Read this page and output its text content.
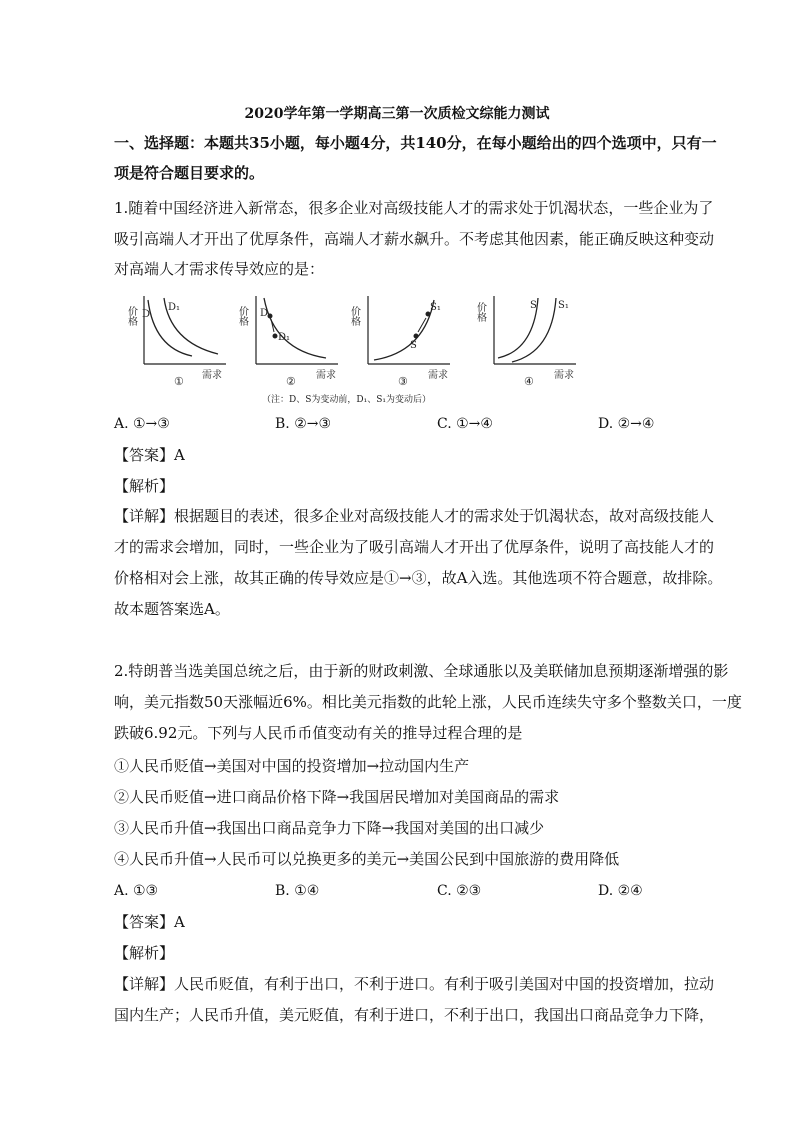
2020学年第一学期高三第一次质检文综能力测试
一、选择题：本题共35小题，每小题4分，共140分，在每小题给出的四个选项中，只有一
项是符合题目要求的。
1.随着中国经济进入新常态，很多企业对高级技能人才的需求处于饥渴状态，一些企业为了
吸引高端人才开出了优厚条件，高端人才薪水飙升。不考虑其他因素，能正确反映这种变动
对高端人才需求传导效应的是：
价格 D
D₁
需求
①
价格 D
D₁
需求
②
价格
S
S₁
需求
③
价格	S S₁
需求
④
（注：D、S为变动前，D₁、S₁为变动后）
A. ①→③	B. ②→③	C. ①→④	D. ②→④
【答案】A
【解析】
【详解】根据题目的表述，很多企业对高级技能人才的需求处于饥渴状态，故对高级技能人
才的需求会增加，同时，一些企业为了吸引高端人才开出了优厚条件，说明了高技能人才的
价格相对会上涨，故其正确的传导效应是①→③，故A入选。其他选项不符合题意，故排除。
故本题答案选A。
2.特朗普当选美国总统之后，由于新的财政刺激、全球通胀以及美联储加息预期逐渐增强的影
响，美元指数50天涨幅近6%。相比美元指数的此轮上涨，人民币连续失守多个整数关口，一度
跌破6.92元。下列与人民币币值变动有关的推导过程合理的是
①人民币贬值→美国对中国的投资增加→拉动国内生产
②人民币贬值→进口商品价格下降→我国居民增加对美国商品的需求
③人民币升值→我国出口商品竞争力下降→我国对美国的出口减少
④人民币升值→人民币可以兑换更多的美元→美国公民到中国旅游的费用降低
A. ①③	B. ①④	C. ②③	D. ②④
【答案】A
【解析】
【详解】人民币贬值，有利于出口，不利于进口。有利于吸引美国对中国的投资增加，拉动
国内生产；人民币升值，美元贬值，有利于进口，不利于出口，我国出口商品竞争力下降，
